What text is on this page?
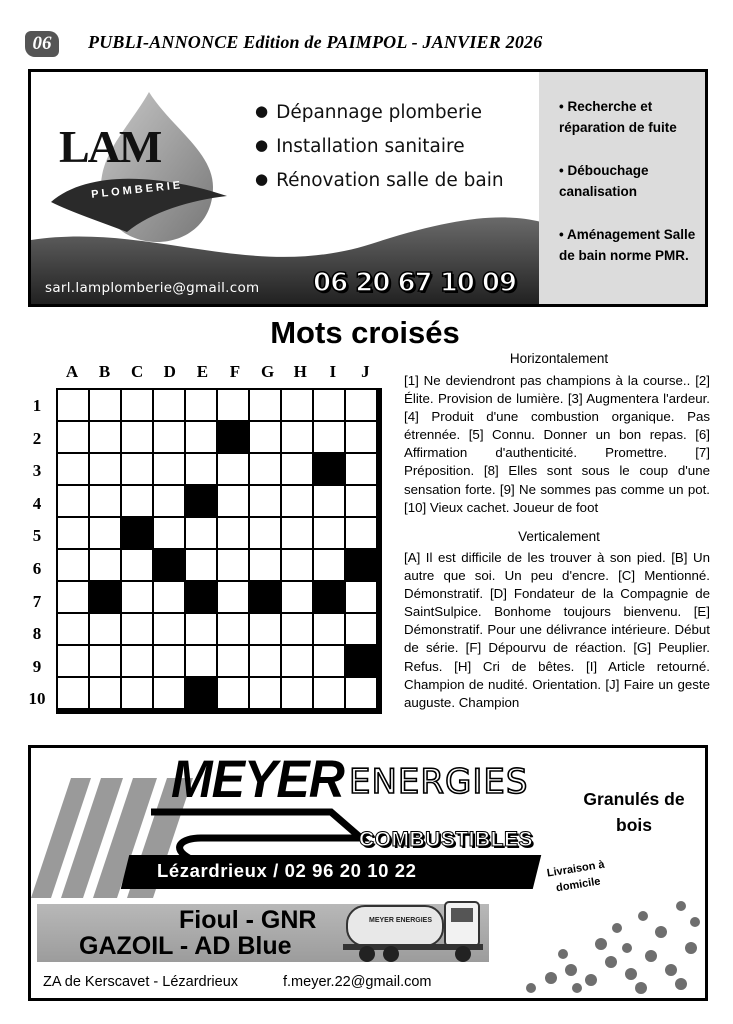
06	PUBLI-ANNONCE Edition de PAIMPOL - JANVIER 2026
LAM
PLOMBERIE
● Dépannage plomberie
● Installation sanitaire
● Rénovation salle de bain
sarl.lamplomberie@gmail.com 06 20 67 10 09
• Recherche et réparation de fuite
• Débouchage canalisation
• Aménagement Salle de bain norme PMR.
Mots croisés
A	B	C	D	E	F	G	H	I	J
1
2
3
4
5
6
7
8
9
10
Horizontalement
[1] Ne deviendront pas champions à la course.. [2] Élite. Provision de lumière. [3] Augmentera l'ardeur. [4] Produit d'une combustion organique. Pas étrennée. [5] Connu. Donner un bon repas. [6] Affirmation d'authenticité. Promettre. [7] Préposition. [8] Elles sont sous le coup d'une sensation forte. [9] Ne sommes pas comme un pot. [10] Vieux cachet. Joueur de foot
Verticalement
[A] Il est difficile de les trouver à son pied. [B] Un autre que soi. Un peu d'encre. [C] Mentionné. Démonstratif. [D] Fondateur de la Compagnie de SaintSulpice. Bonhome toujours bienvenu. [E] Démonstratif. Pour une délivrance intérieure. Début de série. [F] Dépourvu de réaction. [G] Peuplier. Refus. [H] Cri de bêtes. [I] Article retourné. Champion de nudité. Orientation. [J] Faire un geste auguste. Champion
MEYER ENERGIES
COMBUSTIBLES
Lézardrieux / 02 96 20 10 22
Fioul - GNR
GAZOIL - AD Blue
MEYER ENERGIES
ZA de Kerscavet - Lézardrieux	f.meyer.22@gmail.com
Granulés de bois
Livraison à domicile
